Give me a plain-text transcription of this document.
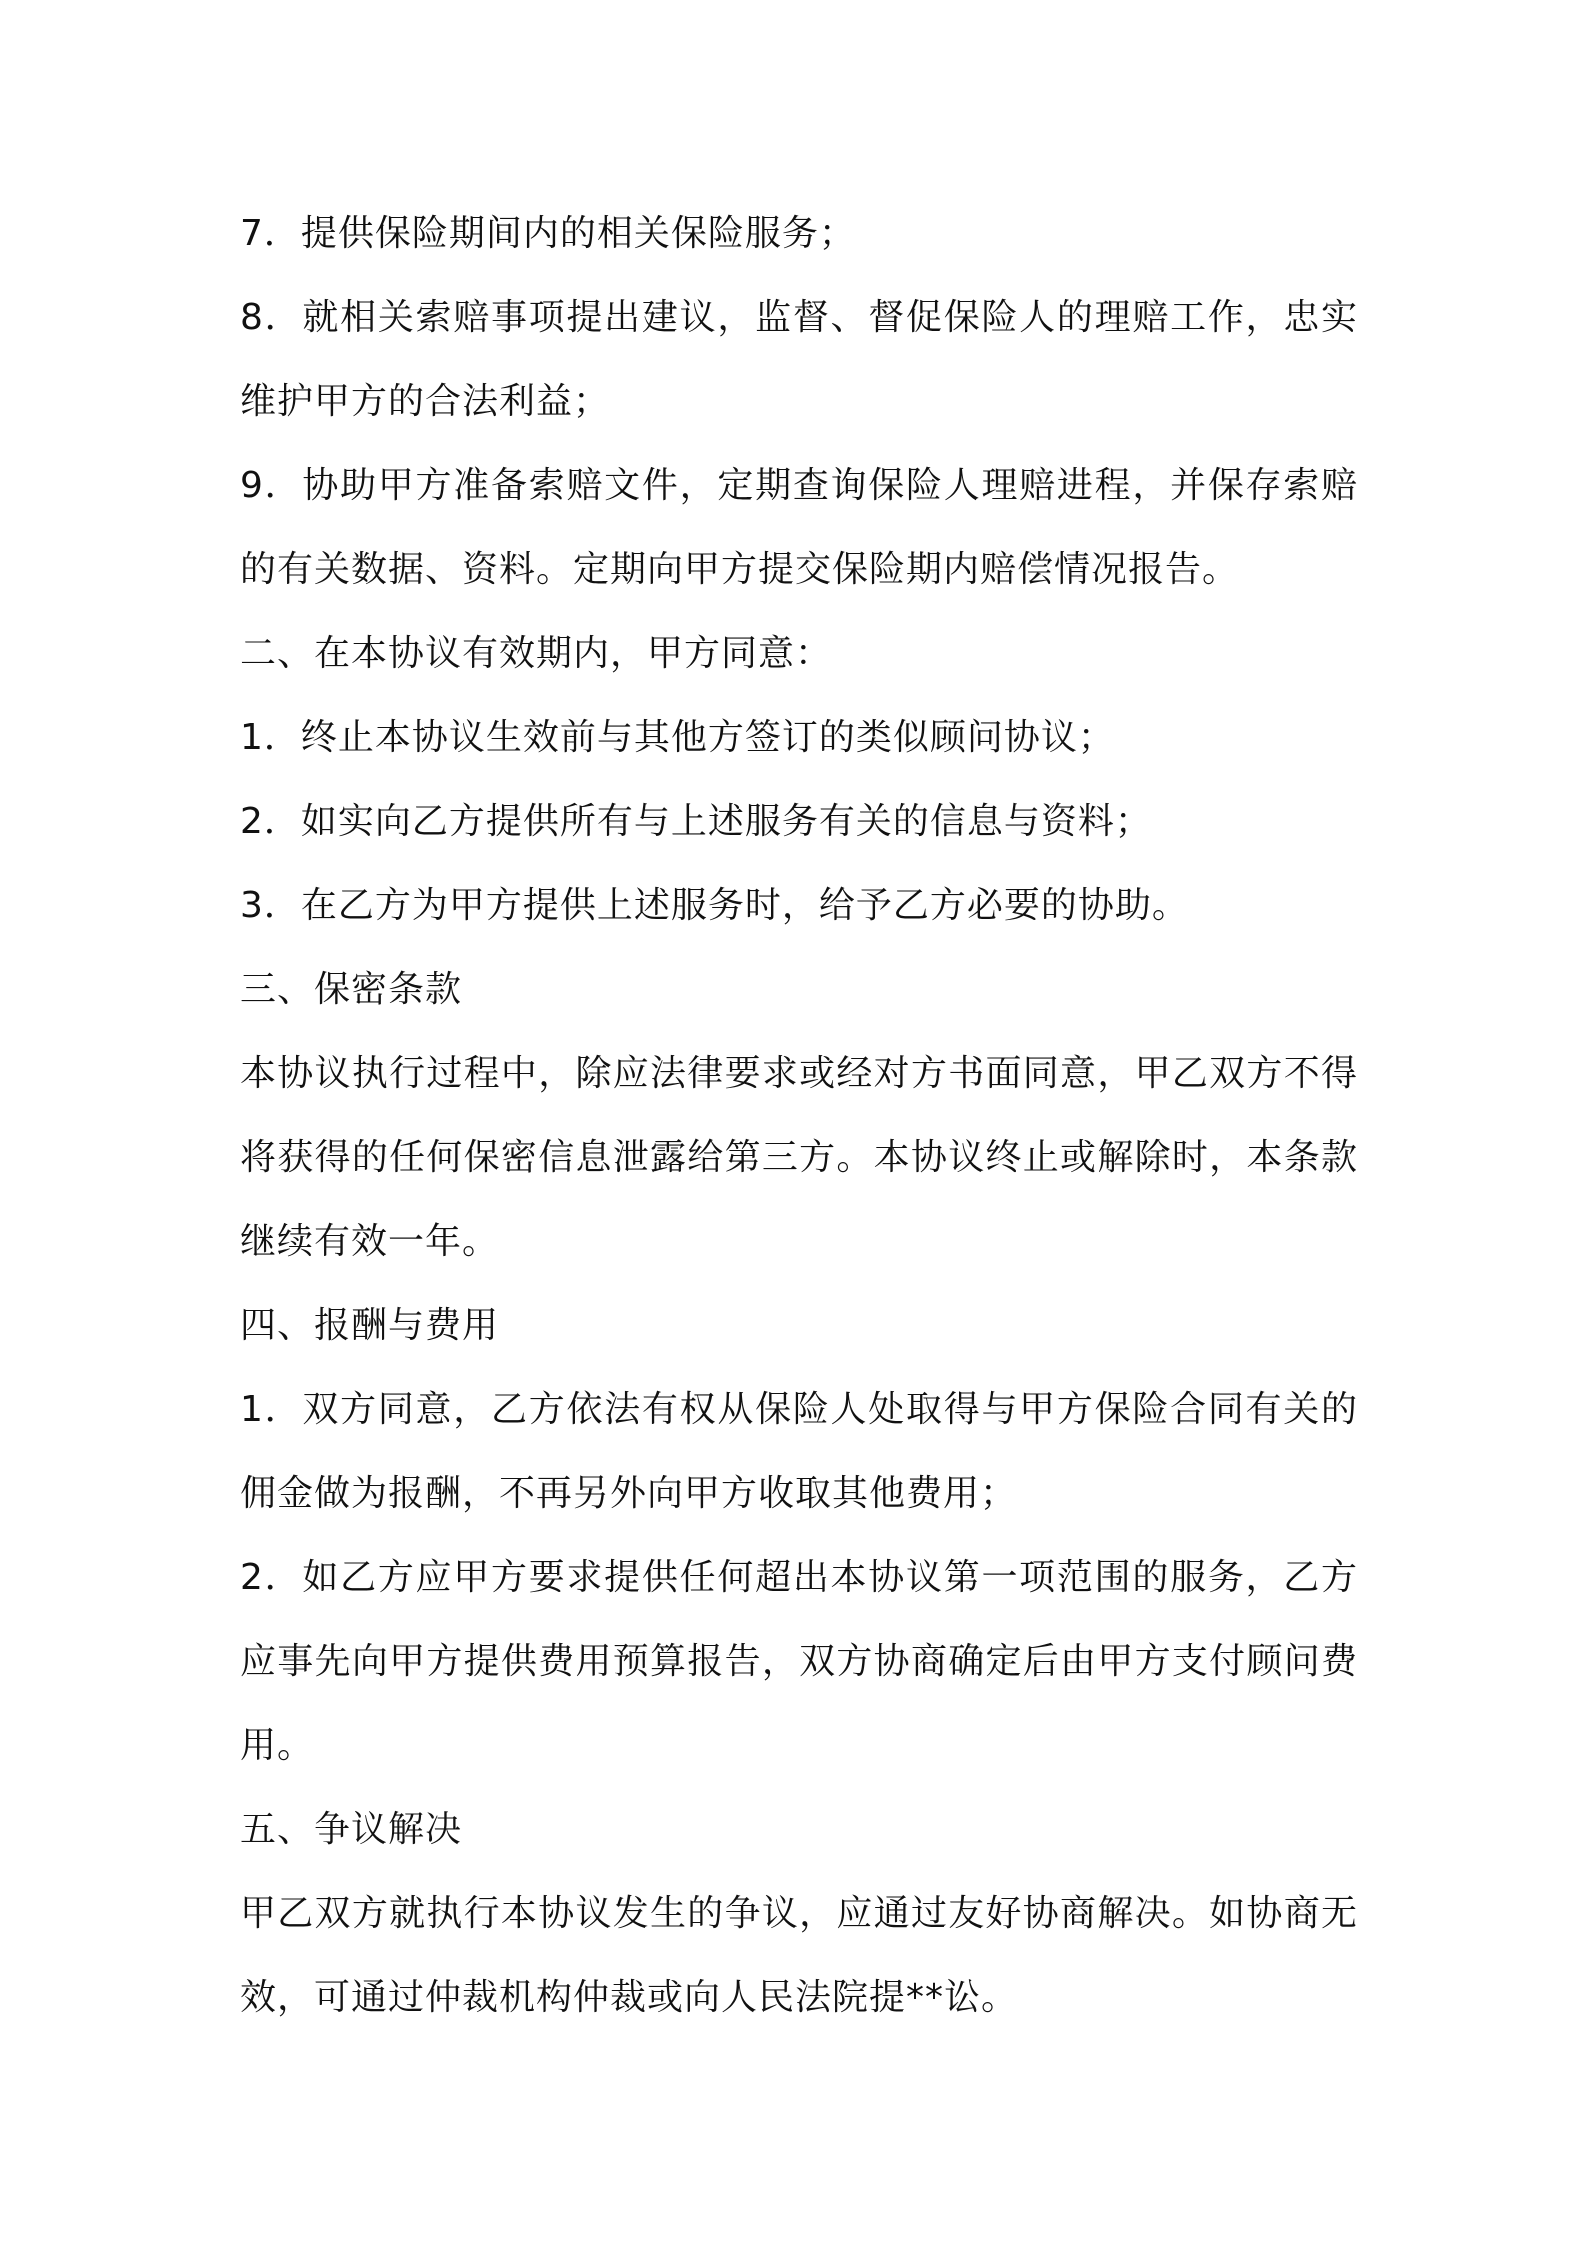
7．提供保险期间内的相关保险服务；

8．就相关索赔事项提出建议，监督、督促保险人的理赔工作，忠实维护甲方的合法利益；

9．协助甲方准备索赔文件，定期查询保险人理赔进程，并保存索赔的有关数据、资料。定期向甲方提交保险期内赔偿情况报告。

二、在本协议有效期内，甲方同意：

1．终止本协议生效前与其他方签订的类似顾问协议；

2．如实向乙方提供所有与上述服务有关的信息与资料；

3．在乙方为甲方提供上述服务时，给予乙方必要的协助。

三、保密条款

本协议执行过程中，除应法律要求或经对方书面同意，甲乙双方不得将获得的任何保密信息泄露给第三方。本协议终止或解除时，本条款继续有效一年。

四、报酬与费用

1．双方同意，乙方依法有权从保险人处取得与甲方保险合同有关的佣金做为报酬，不再另外向甲方收取其他费用；

2．如乙方应甲方要求提供任何超出本协议第一项范围的服务，乙方应事先向甲方提供费用预算报告，双方协商确定后由甲方支付顾问费用。

五、争议解决

甲乙双方就执行本协议发生的争议，应通过友好协商解决。如协商无效，可通过仲裁机构仲裁或向人民法院提**讼。
